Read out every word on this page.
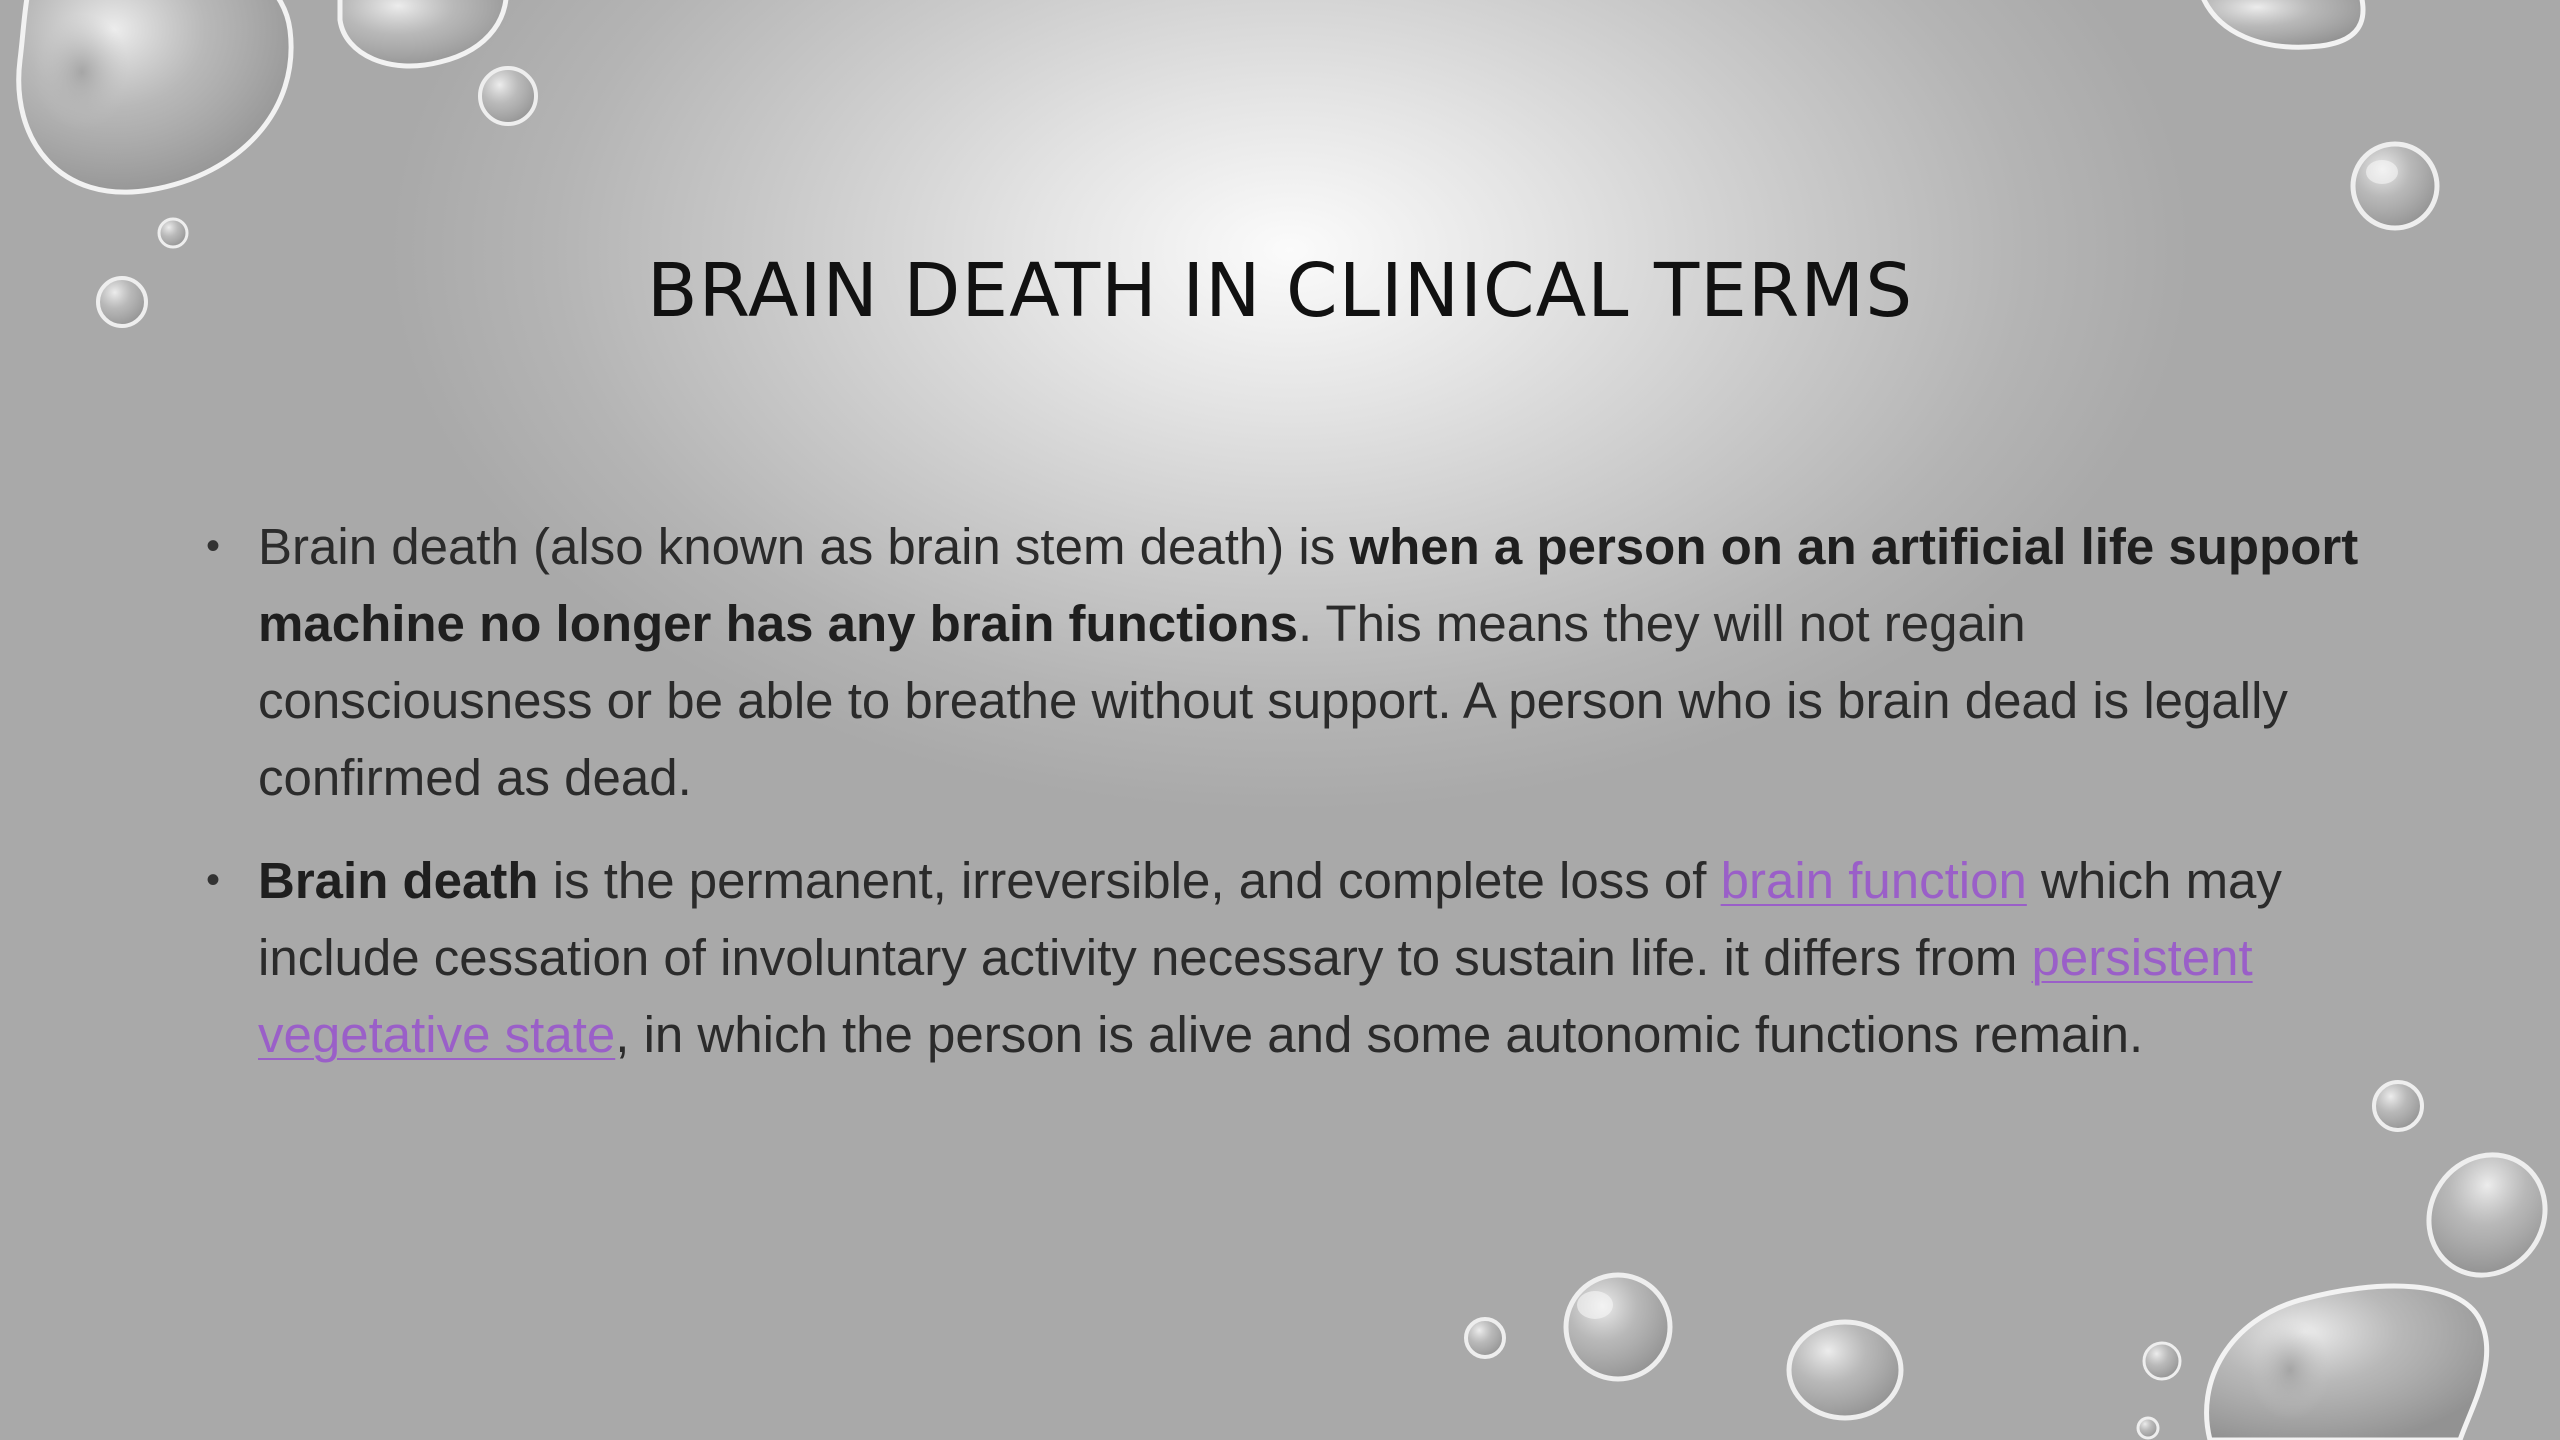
BRAIN DEATH IN CLINICAL TERMS

• Brain death (also known as brain stem death) is when a person on an artificial life support machine no longer has any brain functions. This means they will not regain consciousness or be able to breathe without support. A person who is brain dead is legally confirmed as dead.

• Brain death is the permanent, irreversible, and complete loss of brain function which may include cessation of involuntary activity necessary to sustain life. it differs from persistent vegetative state, in which the person is alive and some autonomic functions remain.
